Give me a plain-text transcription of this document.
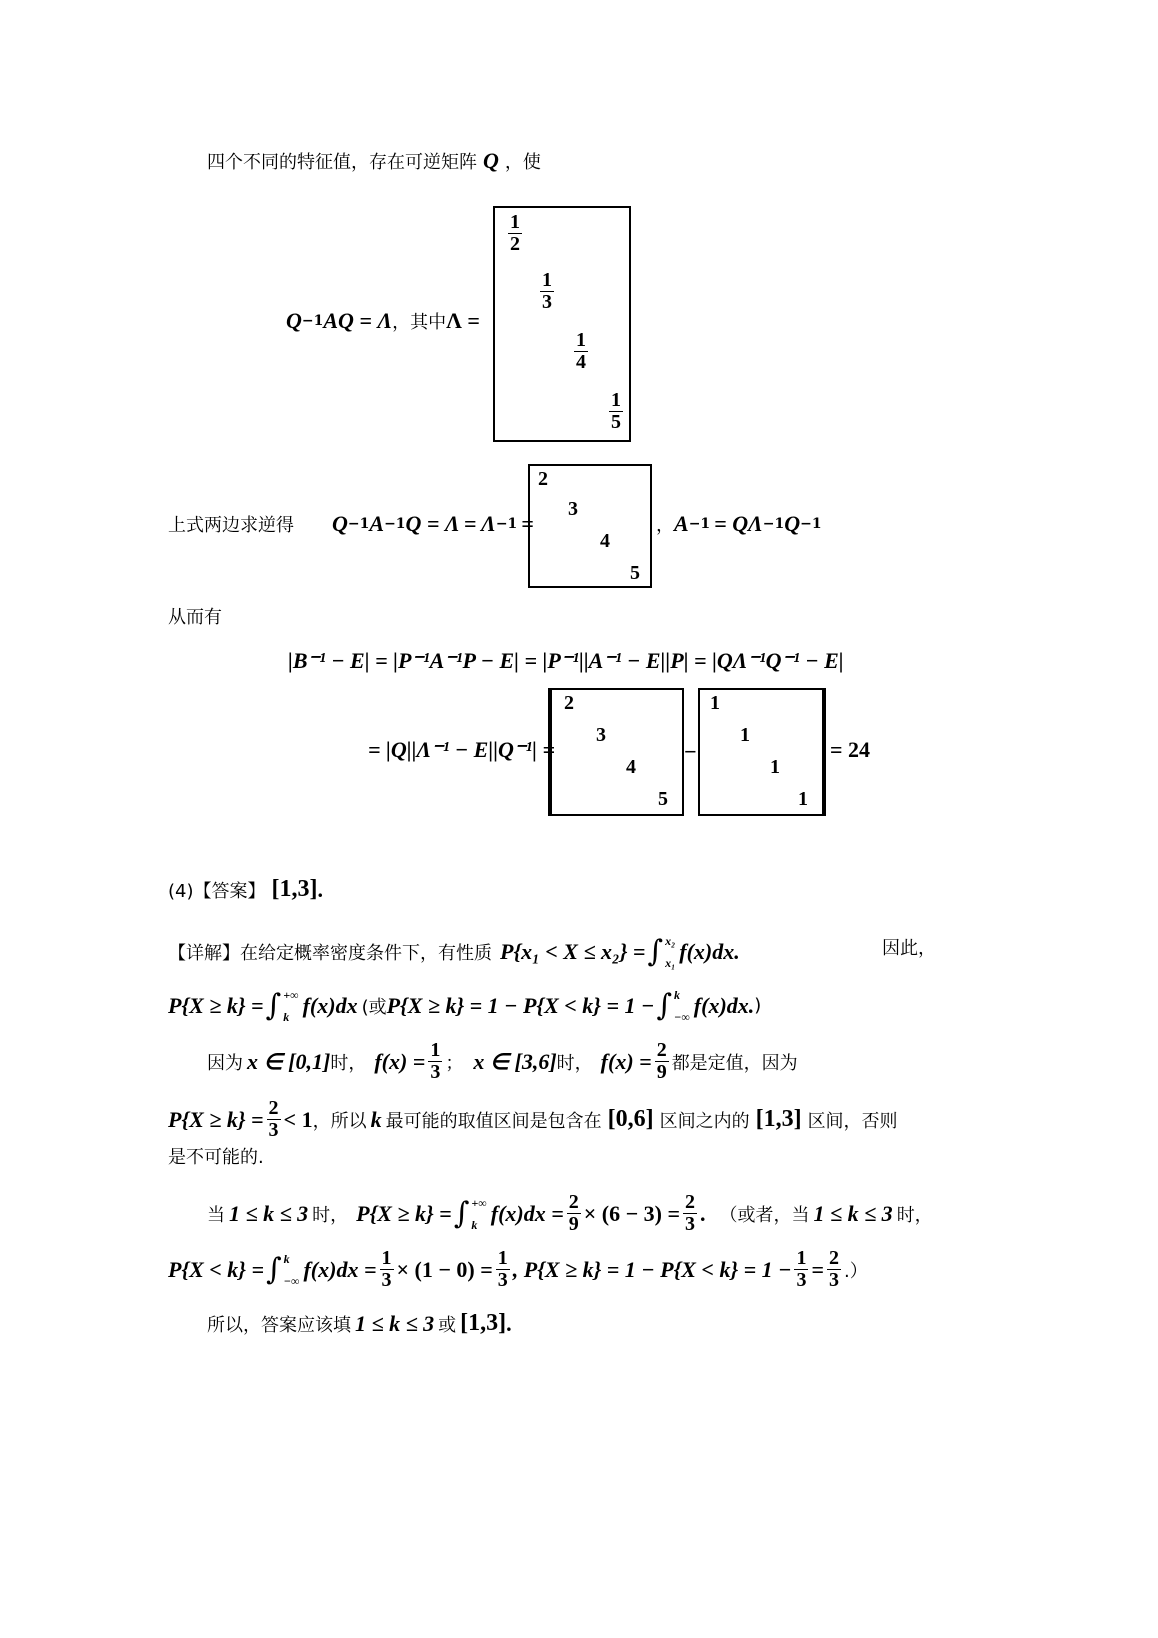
四个不同的特征值，存在可逆矩阵 Q ，使
Q −1 AQ = Λ ，其中 Λ =
$\frac{1}{2}$
$\frac{1}{3}$
$\frac{1}{4}$
$\frac{1}{5}$
上式两边求逆得 Q −1 A −1 Q = Λ = Λ −1 =
2
3
4
5
， A −1 = QΛ −1 Q −1
从而有
|B⁻¹ − E| = |P⁻¹A⁻¹P − E| = |P⁻¹||A⁻¹ − E||P| = |QΛ⁻¹Q⁻¹ − E|
= |Q||Λ⁻¹ − E||Q⁻¹| =
2
3
4
5
−
1
1
1
1
= 24
(4)【答案】 [1,3] .
【详解】 在给定概率密度条件下，有性质 P{x₁ < X ≤ x₂} = ∫ x₂
x₁ f(x)dx.	因此，
P{X ≥ k} = ∫ +∞
k f(x)dx (或 P{X ≥ k} = 1 − P{X < k} = 1 − ∫ k
−∞ f(x)dx. )
因为 x ∈ [0,1] 时， $f(x) = \frac{1}{3}$ ； x ∈ [3,6] 时， $f(x) = \frac{2}{9}$ 都是定值，因为
$P\{X \ge k\} = \frac{2}{3} < 1$ ，所以 k 最可能的取值区间是包含在 [0,6] 区间之内的 [1,3] 区间，否则
是不可能的.
当 1 ≤ k ≤ 3 时， P{X ≥ k} = ∫ +∞
k $f(x)dx = \frac{2}{9} \times (6 - 3) = \frac{2}{3}$ . （或者，当 1 ≤ k ≤ 3 时，
P{X < k} = ∫ k
−∞ $f(x)dx = \frac{1}{3} \times (1 - 0) = \frac{1}{3}$ , $P\{X \ge k\} = 1 - P\{X < k\} = 1 - \frac{1}{3} = \frac{2}{3}$ .）
所以，答案应该填 1 ≤ k ≤ 3 或 [1,3] .
